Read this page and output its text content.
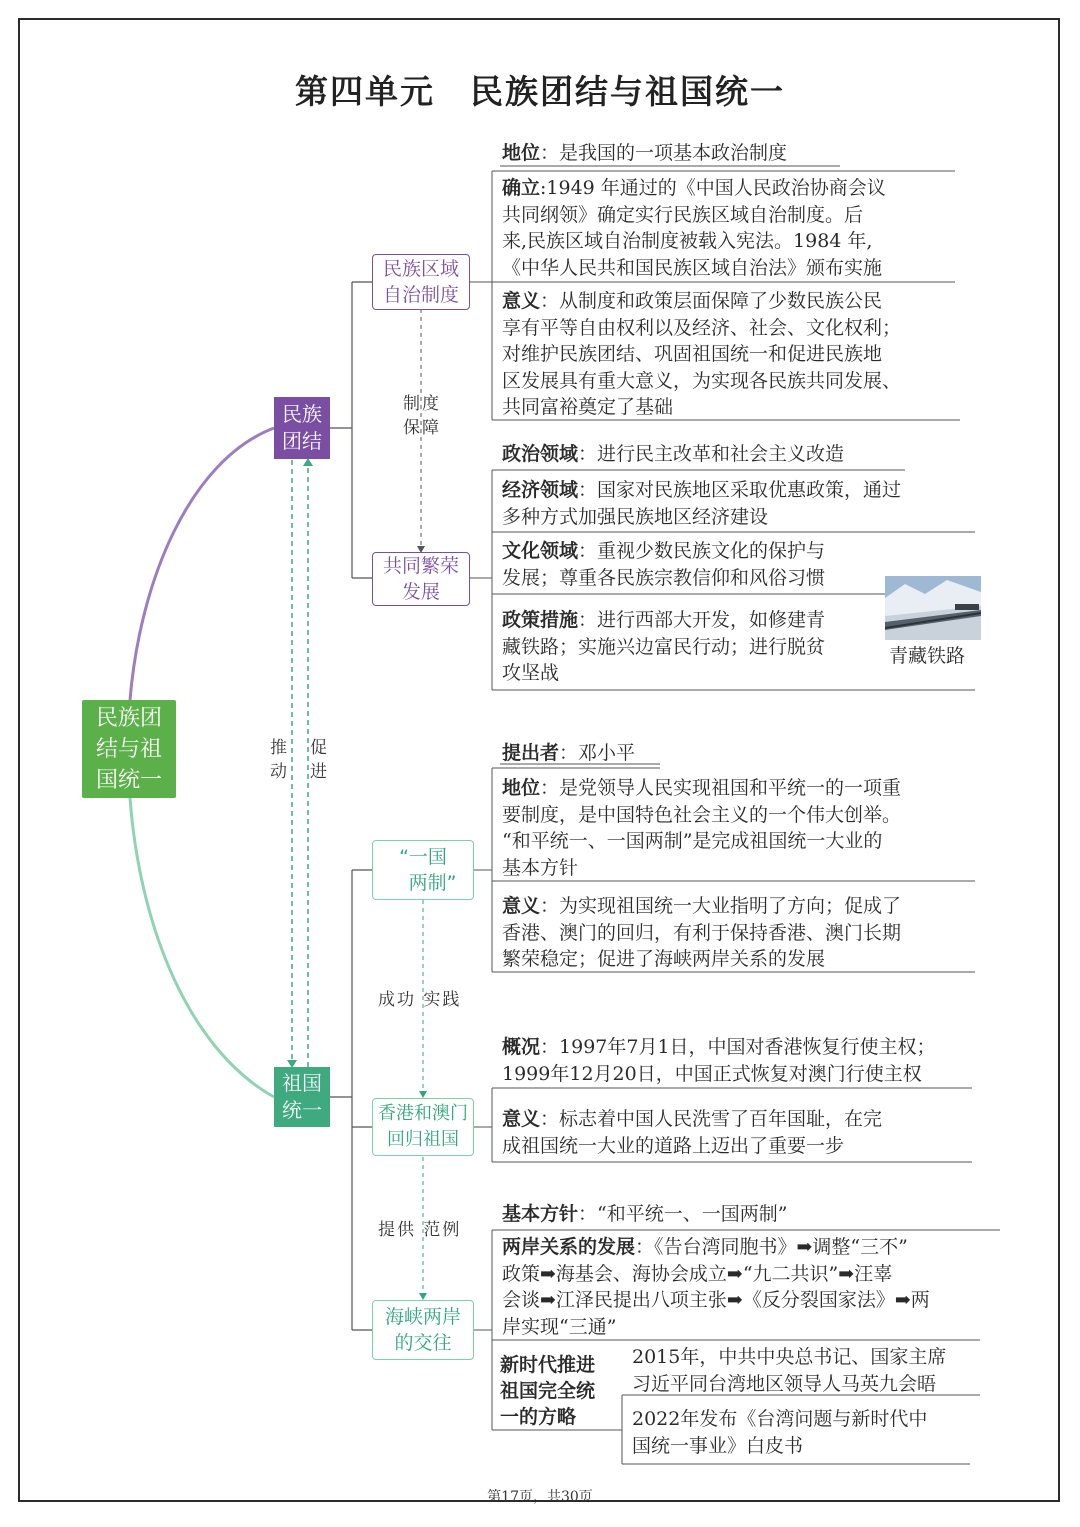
第四单元　民族团结与祖国统一
民族团
结与祖
国统一
民族
团结
祖国
统一
推
动
促
进
民族区域
自治制度
制度
保障
共同繁荣
发展
“一国
　两制”
成功 实践
香港和澳门
回归祖国
提供 范例
海峡两岸
的交往
地位：是我国的一项基本政治制度
确立:1949 年通过的《中国人民政治协商会议
共同纲领》确定实行民族区域自治制度。后
来,民族区域自治制度被载入宪法。1984 年,
《中华人民共和国民族区域自治法》颁布实施
意义：从制度和政策层面保障了少数民族公民
享有平等自由权利以及经济、社会、文化权利；
对维护民族团结、巩固祖国统一和促进民族地
区发展具有重大意义，为实现各民族共同发展、
共同富裕奠定了基础
政治领域：进行民主改革和社会主义改造
经济领域：国家对民族地区采取优惠政策，通过
多种方式加强民族地区经济建设
文化领域：重视少数民族文化的保护与
发展；尊重各民族宗教信仰和风俗习惯
政策措施：进行西部大开发，如修建青
藏铁路；实施兴边富民行动；进行脱贫
攻坚战
青藏铁路
提出者：邓小平
地位：是党领导人民实现祖国和平统一的一项重
要制度，是中国特色社会主义的一个伟大创举。
“和平统一、一国两制”是完成祖国统一大业的
基本方针
意义：为实现祖国统一大业指明了方向；促成了
香港、澳门的回归，有利于保持香港、澳门长期
繁荣稳定；促进了海峡两岸关系的发展
概况：1997年7月1日，中国对香港恢复行使主权；
1999年12月20日，中国正式恢复对澳门行使主权
意义：标志着中国人民洗雪了百年国耻，在完
成祖国统一大业的道路上迈出了重要一步
基本方针：“和平统一、一国两制”
两岸关系的发展：《告台湾同胞书》➡调整“三不”
政策➡海基会、海协会成立➡“九二共识”➡汪辜
会谈➡江泽民提出八项主张➡《反分裂国家法》➡两
岸实现“三通”
新时代推进
祖国完全统
一的方略
2015年，中共中央总书记、国家主席
习近平同台湾地区领导人马英九会晤
2022年发布《台湾问题与新时代中
国统一事业》白皮书
第17页，共30页
